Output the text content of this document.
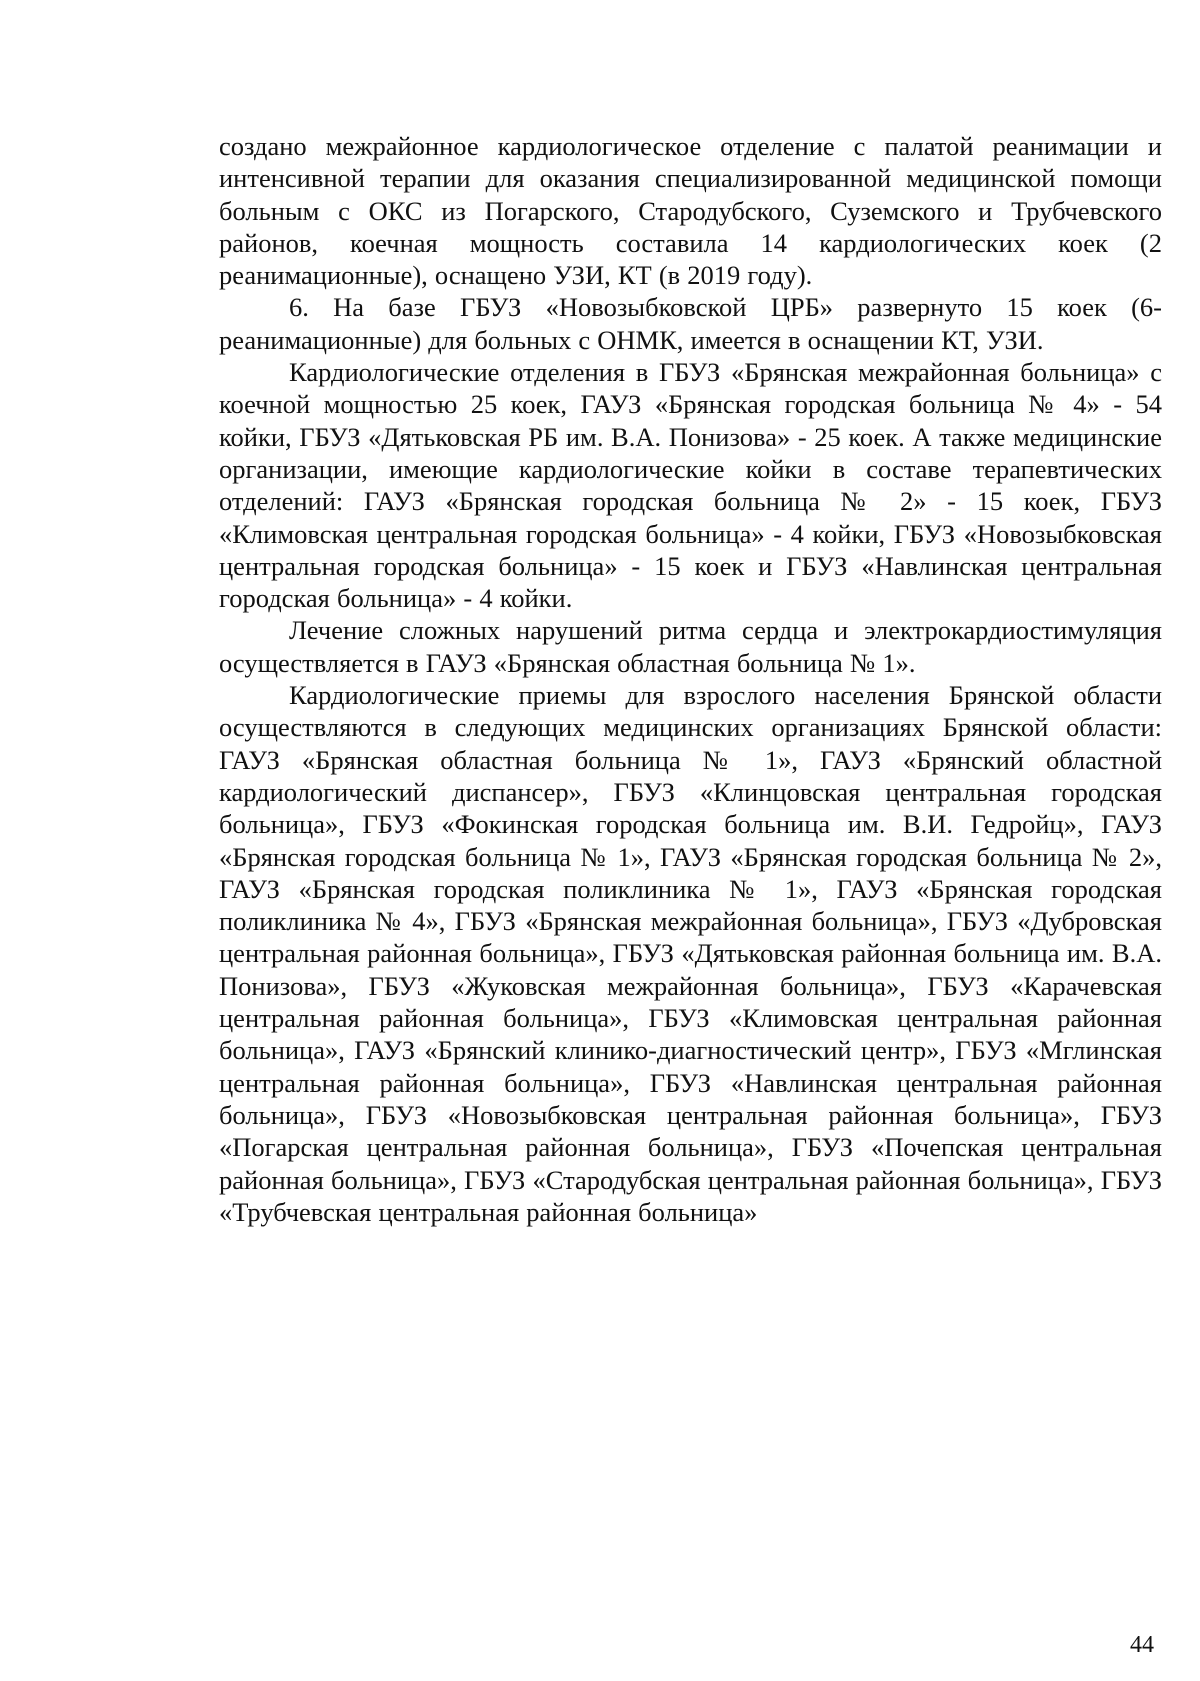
создано межрайонное кардиологическое отделение с палатой реанимации и интенсивной терапии для оказания специализированной медицинской помощи больным с ОКС из Погарского, Стародубского, Суземского и Трубчевского районов, коечная мощность составила 14 кардиологических коек (2 реанимационные), оснащено УЗИ, КТ (в 2019 году).

6. На базе ГБУЗ «Новозыбковской ЦРБ» развернуто 15 коек (6-реанимационные) для больных с ОНМК, имеется в оснащении КТ, УЗИ.

Кардиологические отделения в ГБУЗ «Брянская межрайонная больница» с коечной мощностью 25 коек, ГАУЗ «Брянская городская больница № 4» - 54 койки, ГБУЗ «Дятьковская РБ им. В.А. Понизова» - 25 коек. А также медицинские организации, имеющие кардиологические койки в составе терапевтических отделений: ГАУЗ «Брянская городская больница № 2» - 15 коек, ГБУЗ «Климовская центральная городская больница» - 4 койки, ГБУЗ «Новозыбковская центральная городская больница» - 15 коек и ГБУЗ «Навлинская центральная городская больница» - 4 койки.

Лечение сложных нарушений ритма сердца и электрокардиостимуляция осуществляется в ГАУЗ «Брянская областная больница № 1».

Кардиологические приемы для взрослого населения Брянской области осуществляются в следующих медицинских организациях Брянской области: ГАУЗ «Брянская областная больница № 1», ГАУЗ «Брянский областной кардиологический диспансер», ГБУЗ «Клинцовская центральная городская больница», ГБУЗ «Фокинская городская больница им. В.И. Гедройц», ГАУЗ «Брянская городская больница № 1», ГАУЗ «Брянская городская больница № 2», ГАУЗ «Брянская городская поликлиника № 1», ГАУЗ «Брянская городская поликлиника № 4», ГБУЗ «Брянская межрайонная больница», ГБУЗ «Дубровская центральная районная больница», ГБУЗ «Дятьковская районная больница им. В.А. Понизова», ГБУЗ «Жуковская межрайонная больница», ГБУЗ «Карачевская центральная районная больница», ГБУЗ «Климовская центральная районная больница», ГАУЗ «Брянский клинико-диагностический центр», ГБУЗ «Мглинская центральная районная больница», ГБУЗ «Навлинская центральная районная больница», ГБУЗ «Новозыбковская центральная районная больница», ГБУЗ «Погарская центральная районная больница», ГБУЗ «Почепская центральная районная больница», ГБУЗ «Стародубская центральная районная больница», ГБУЗ «Трубчевская центральная районная больница»

44
